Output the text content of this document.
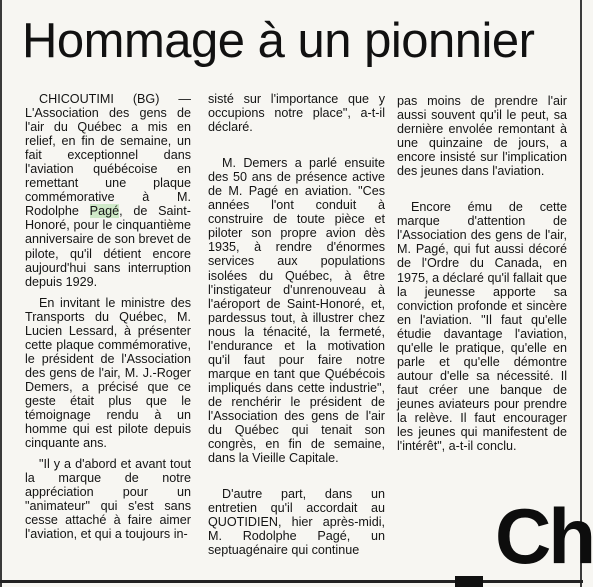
Hommage à un pionnier

CHICOUTIMI (BG) — L'Association des gens de l'air du Québec a mis en relief, en fin de semaine, un fait exceptionnel dans l'aviation québécoise en remettant une plaque commémorative à M. Rodolphe Pagé, de Saint-Honoré, pour le cinquantième anniversaire de son brevet de pilote, qu'il détient encore aujourd'hui sans interruption depuis 1929.

En invitant le ministre des Transports du Québec, M. Lucien Lessard, à présenter cette plaque commémorative, le président de l'Association des gens de l'air, M. J.-Roger Demers, a précisé que ce geste était plus que le témoignage rendu à un homme qui est pilote depuis cinquante ans.

"Il y a d'abord et avant tout la marque de notre appréciation pour un "animateur" qui s'est sans cesse attaché à faire aimer l'aviation, et qui a toujours in-

sisté sur l'importance que y occupions notre place", a-t-il déclaré.

M. Demers a parlé ensuite des 50 ans de présence active de M. Pagé en aviation. "Ces années l'ont conduit à construire de toute pièce et piloter son propre avion dès 1935, à rendre d'énormes services aux populations isolées du Québec, à être l'instigateur d'unrenouveau à l'aéroport de Saint-Honoré, et, pardessus tout, à illustrer chez nous la ténacité, la fermeté, l'endurance et la motivation qu'il faut pour faire notre marque en tant que Québécois impliqués dans cette industrie", de renchérir le président de l'Association des gens de l'air du Québec qui tenait son congrès, en fin de semaine, dans la Vieille Capitale.

D'autre part, dans un entretien qu'il accordait au QUOTIDIEN, hier après-midi, M. Rodolphe Pagé, un septuagénaire qui continue

pas moins de prendre l'air aussi souvent qu'il le peut, sa dernière envolée remontant à une quinzaine de jours, a encore insisté sur l'implication des jeunes dans l'aviation.

Encore ému de cette marque d'attention de l'Association des gens de l'air, M. Pagé, qui fut aussi décoré de l'Ordre du Canada, en 1975, a déclaré qu'il fallait que la jeunesse apporte sa conviction profonde et sincère en l'aviation. "Il faut qu'elle étudie davantage l'aviation, qu'elle le pratique, qu'elle en parle et qu'elle démontre autour d'elle sa nécessité. Il faut créer une banque de jeunes aviateurs pour prendre la relève. Il faut encourager les jeunes qui manifestent de l'intérêt", a-t-il conclu.

Ch
